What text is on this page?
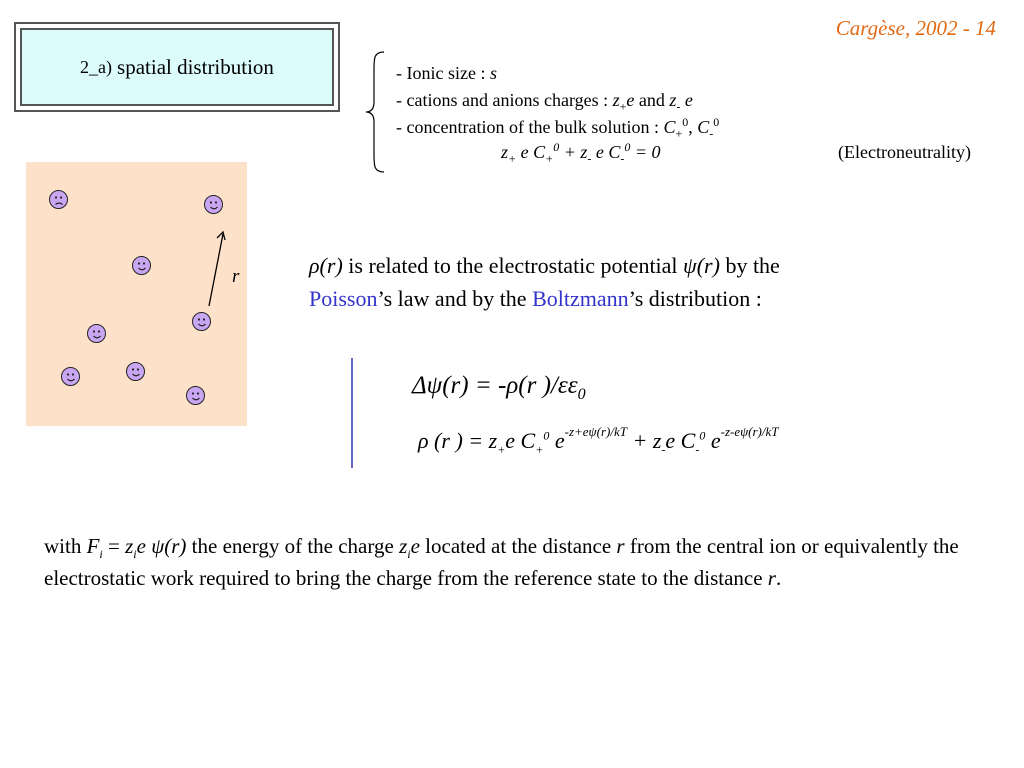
Cargèse, 2002 - 14
2_a) spatial distribution	- Ionic size : s
- cations and anions charges : $z_+e$ and $z_-$ e
- concentration of the bulk solution : $C_+^0$, $C_-^0$
$z_+$ e $C_+^0 + z_-$ e $C_-^0 = 0$	(Electroneutrality)
r	ρ(r) is related to the electrostatic potential ψ(r) by the
Poisson’s law and by the Boltzmann’s distribution :
Δψ(r) = -ρ(r )$/\varepsilon\varepsilon_0$
ρ (r ) = $z_+e$ $C_+^0$ $e^{-z+e\psi(r)/kT} + z_-e$ $C_-^0$ $e^{-z-e\psi(r)/kT}$
with $F_i = z_ie$ ψ(r) the energy of the charge $z_ie$ located at the distance r from the central ion or equivalently the electrostatic work required to bring the charge from the reference state to the distance r.
